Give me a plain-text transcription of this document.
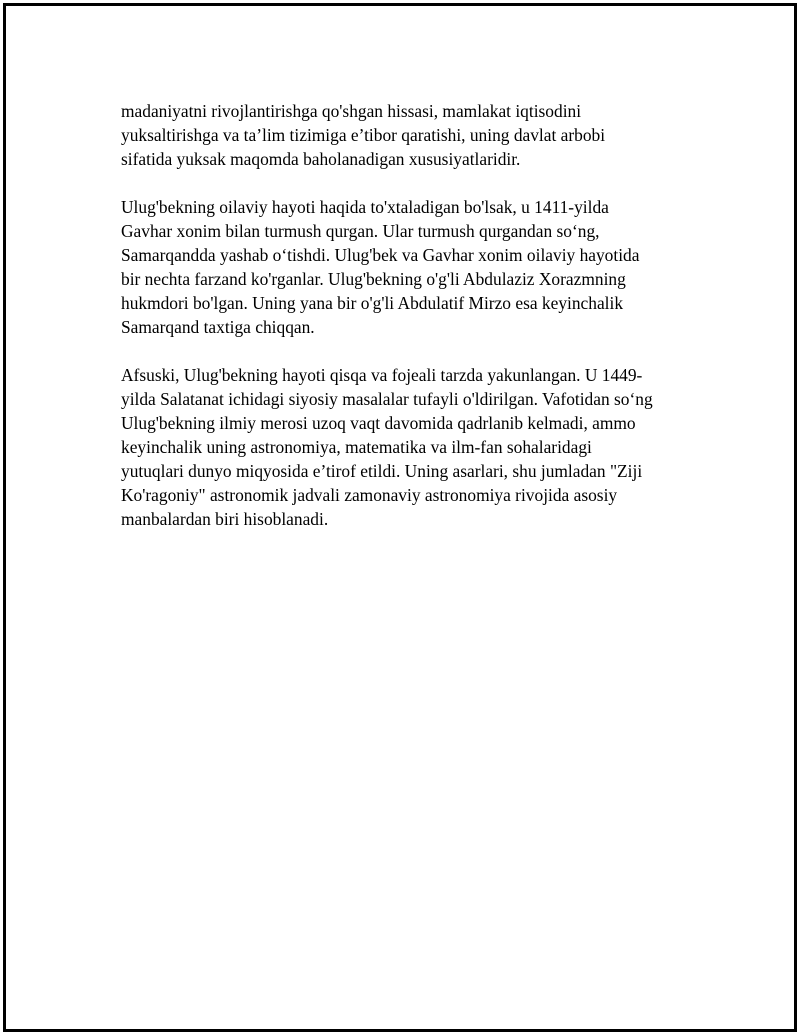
madaniyatni rivojlantirishga qo'shgan hissasi, mamlakat iqtisodini
yuksaltirishga va ta’lim tizimiga e’tibor qaratishi, uning davlat arbobi
sifatida yuksak maqomda baholanadigan xususiyatlaridir.
Ulug'bekning oilaviy hayoti haqida to'xtaladigan bo'lsak, u 1411-yilda
Gavhar xonim bilan turmush qurgan. Ular turmush qurgandan so‘ng,
Samarqandda yashab o‘tishdi. Ulug'bek va Gavhar xonim oilaviy hayotida
bir nechta farzand ko'rganlar. Ulug'bekning o'g'li Abdulaziz Xorazmning
hukmdori bo'lgan. Uning yana bir o'g'li Abdulatif Mirzo esa keyinchalik
Samarqand taxtiga chiqqan.
Afsuski, Ulug'bekning hayoti qisqa va fojeali tarzda yakunlangan. U 1449-
yilda Salatanat ichidagi siyosiy masalalar tufayli o'ldirilgan. Vafotidan so‘ng
Ulug'bekning ilmiy merosi uzoq vaqt davomida qadrlanib kelmadi, ammo
keyinchalik uning astronomiya, matematika va ilm-fan sohalaridagi
yutuqlari dunyo miqyosida e’tirof etildi. Uning asarlari, shu jumladan "Ziji
Ko'ragoniy" astronomik jadvali zamonaviy astronomiya rivojida asosiy
manbalardan biri hisoblanadi.
